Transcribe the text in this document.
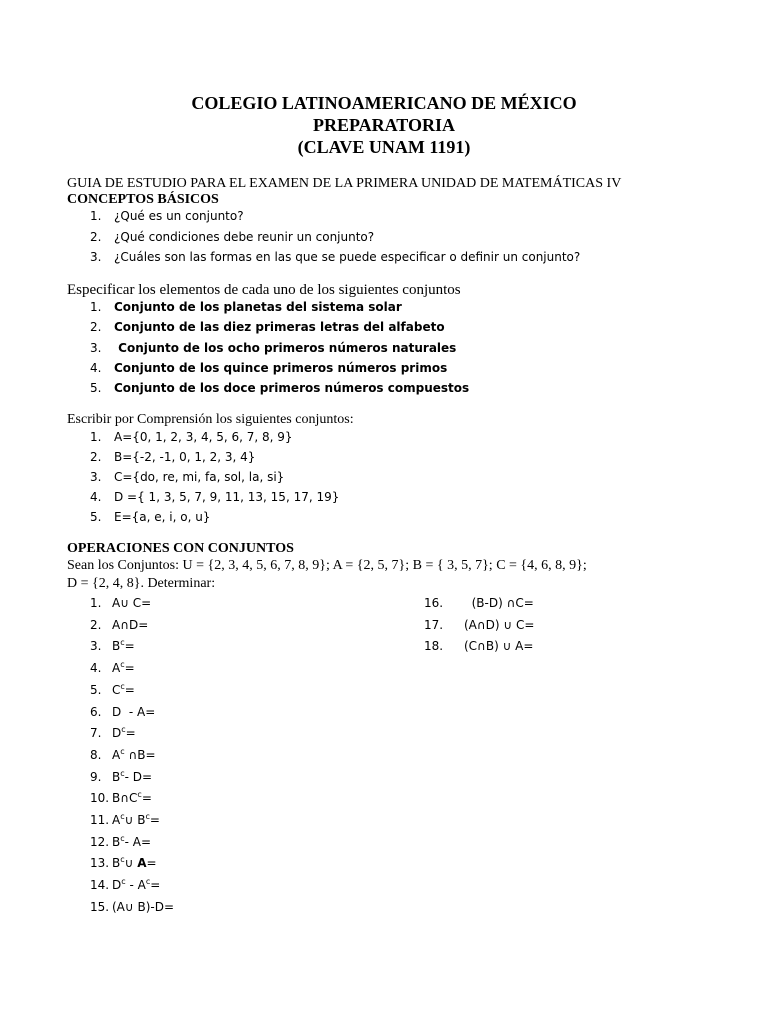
COLEGIO LATINOAMERICANO DE MÉXICO
PREPARATORIA
(CLAVE UNAM 1191)
GUIA DE ESTUDIO PARA EL EXAMEN DE LA PRIMERA UNIDAD DE MATEMÁTICAS IV
CONCEPTOS BÁSICOS
1. ¿Qué es un conjunto?
2. ¿Qué condiciones debe reunir un conjunto?
3. ¿Cuáles son las formas en las que se puede especificar o definir un conjunto?
Especificar los elementos de cada uno de los siguientes conjuntos
1. Conjunto de los planetas del sistema solar
2. Conjunto de las diez primeras letras del alfabeto
3. Conjunto de los ocho primeros números naturales
4. Conjunto de los quince primeros números primos
5. Conjunto de los doce primeros números compuestos
Escribir por Comprensión los siguientes conjuntos:
1. A={0, 1, 2, 3, 4, 5, 6, 7, 8, 9}
2. B={-2, -1, 0, 1, 2, 3, 4}
3. C={do, re, mi, fa, sol, la, si}
4. D ={ 1, 3, 5, 7, 9, 11, 13, 15, 17, 19}
5. E={a, e, i, o, u}
OPERACIONES CON CONJUNTOS
Sean los Conjuntos: U = {2, 3, 4, 5, 6, 7, 8, 9}; A = {2, 5, 7}; B = { 3, 5, 7}; C = {4, 6, 8, 9};
D = {2, 4, 8}. Determinar:
1. A∪ C=
2. A∩D=
3. $B^c=$
4. $A^c=$
5. $C^c=$
6. D  - A=
7. $D^c=$
8. $A^c$ ∩B=
9. $B^c-$ D=
10. $B\cap C^c=$
11. $A^c\cup$ $B^c=$
12. $B^c-$ A=
13. $B^c\cup$ A=
14. $D^c - A^c=$
15. (A∪ B)-D=
16.  (B-D) ∩C=
17. (A∩D) ∪ C=
18. (C∩B) ∪ A=
